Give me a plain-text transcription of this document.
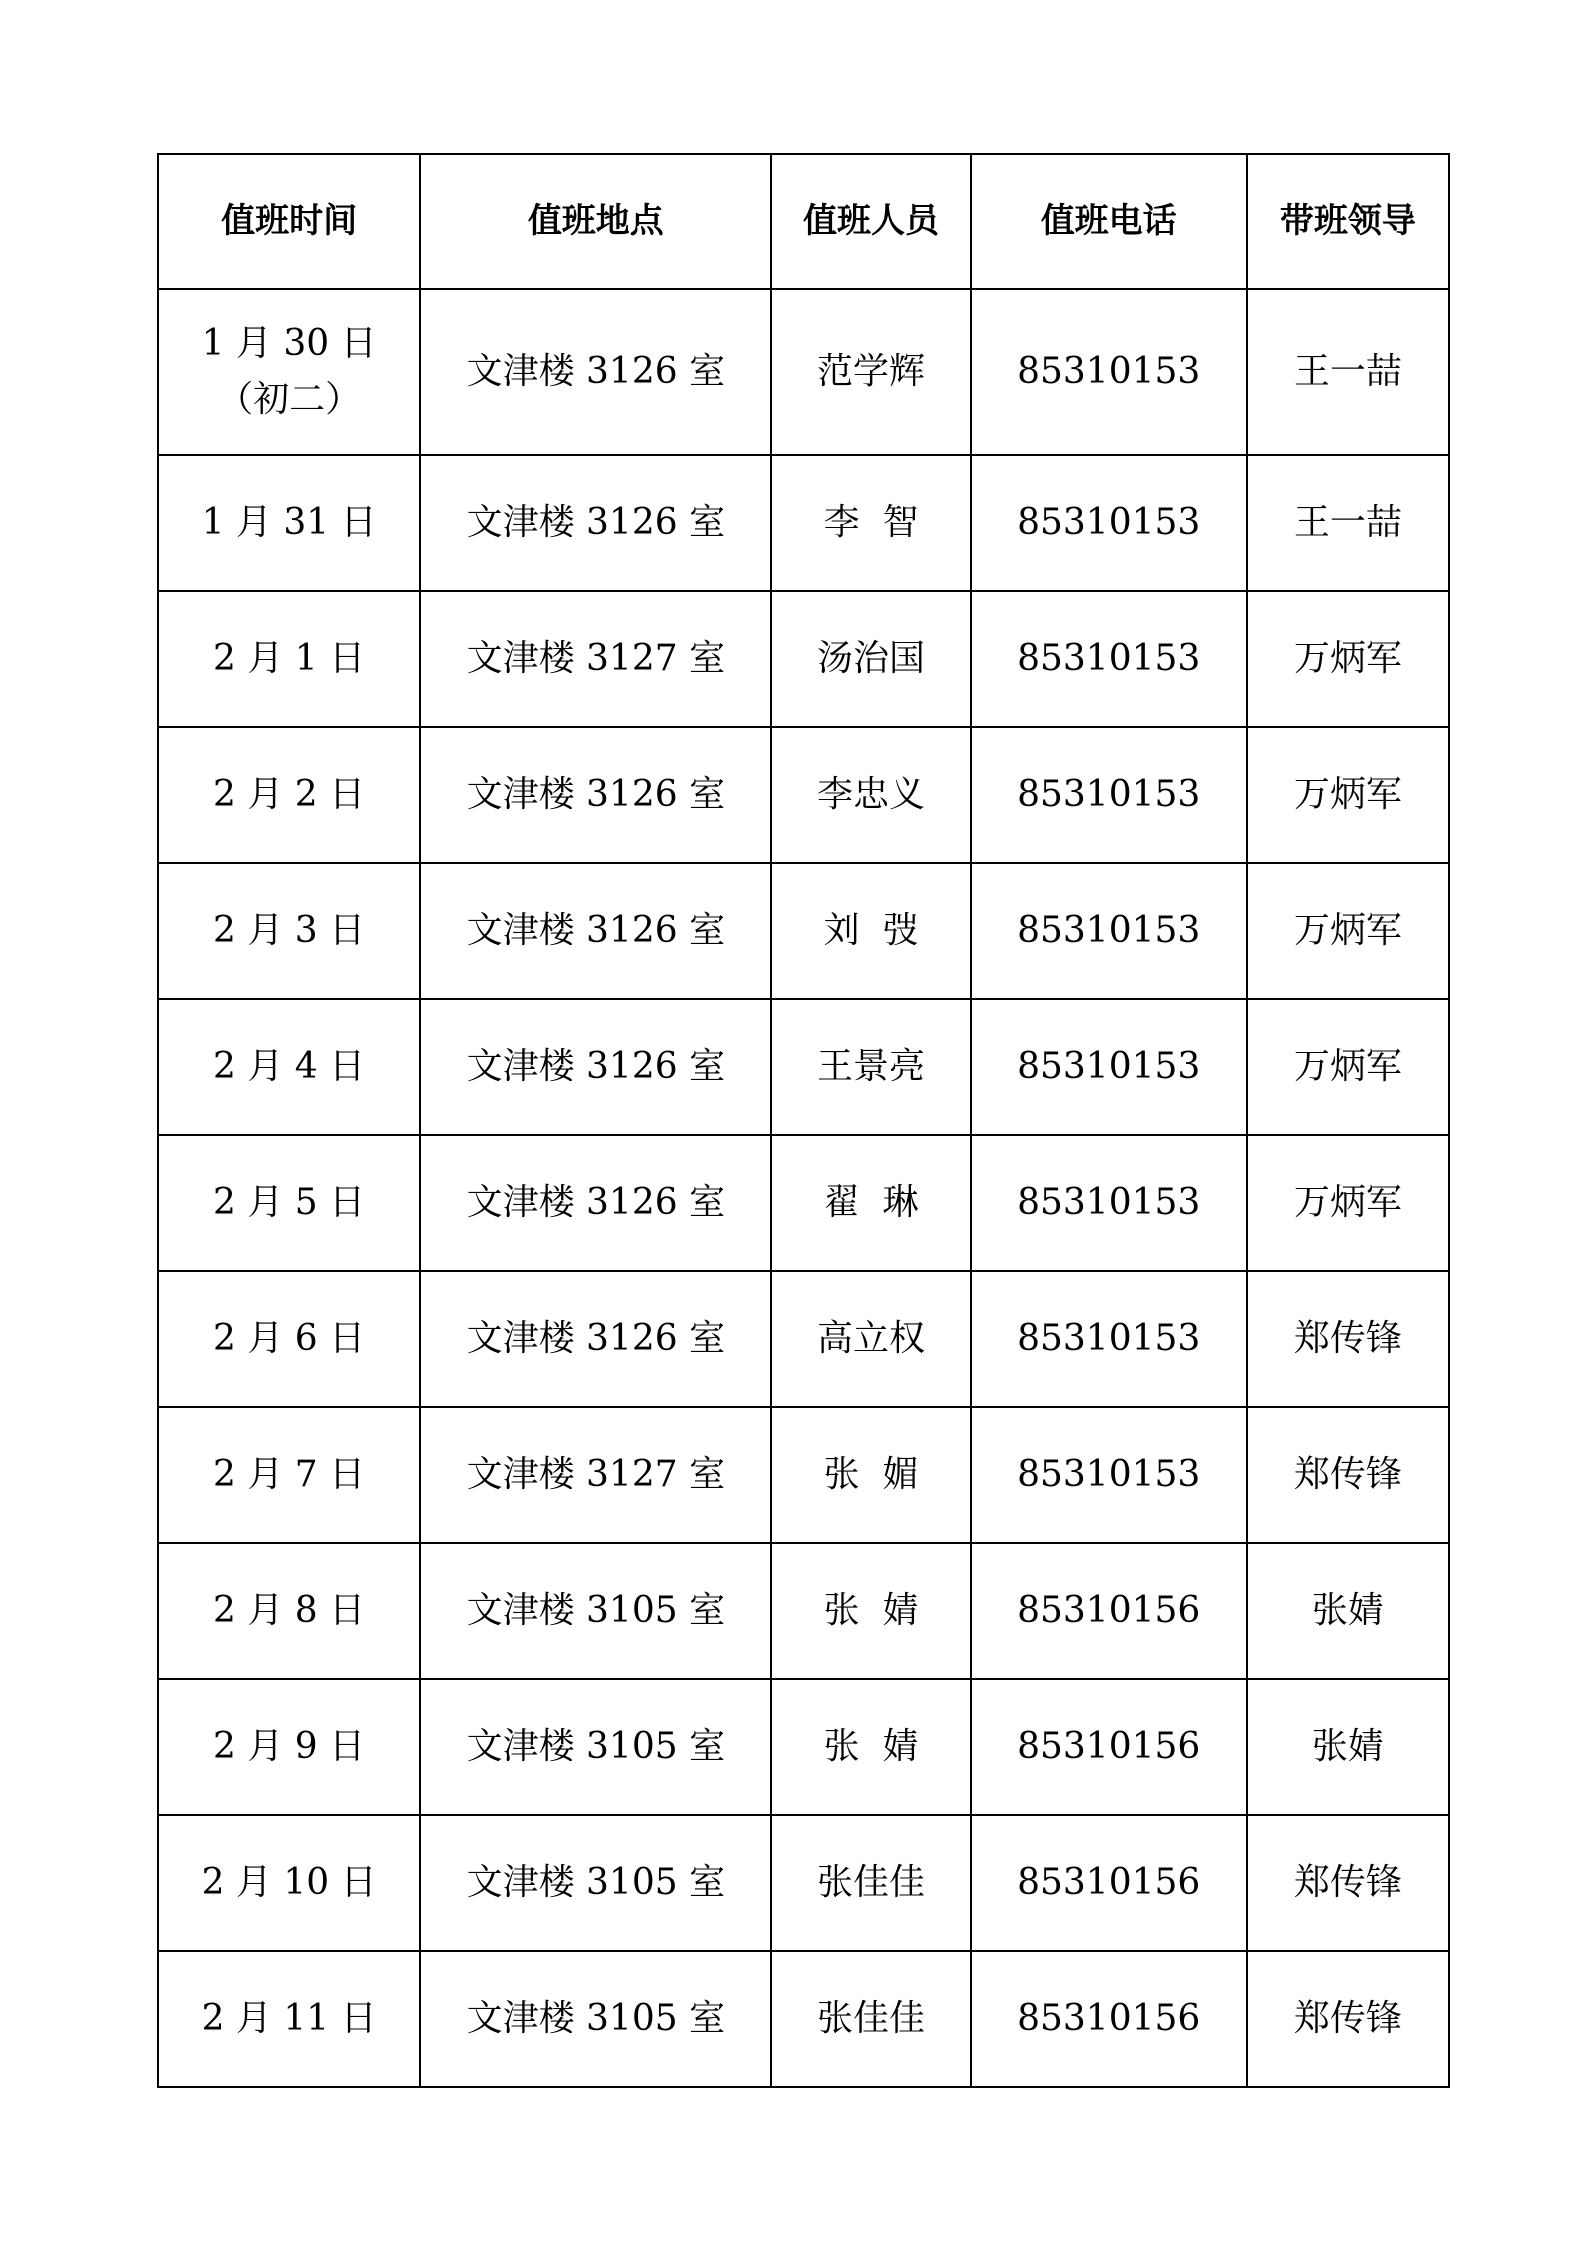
值班时间	值班地点	值班人员	值班电话	带班领导

1 月 30 日
（初二）	文津楼 3126 室	范学辉	85310153	王一喆

1 月 31 日	文津楼 3126 室	李  智	85310153	王一喆

2 月 1 日	文津楼 3127 室	汤治国	85310153	万炳军

2 月 2 日	文津楼 3126 室	李忠义	85310153	万炳军

2 月 3 日	文津楼 3126 室	刘  弢	85310153	万炳军

2 月 4 日	文津楼 3126 室	王景亮	85310153	万炳军

2 月 5 日	文津楼 3126 室	翟  琳	85310153	万炳军

2 月 6 日	文津楼 3126 室	高立权	85310153	郑传锋

2 月 7 日	文津楼 3127 室	张  媚	85310153	郑传锋

2 月 8 日	文津楼 3105 室	张  婧	85310156	张婧

2 月 9 日	文津楼 3105 室	张  婧	85310156	张婧

2 月 10 日	文津楼 3105 室	张佳佳	85310156	郑传锋

2 月 11 日	文津楼 3105 室	张佳佳	85310156	郑传锋
